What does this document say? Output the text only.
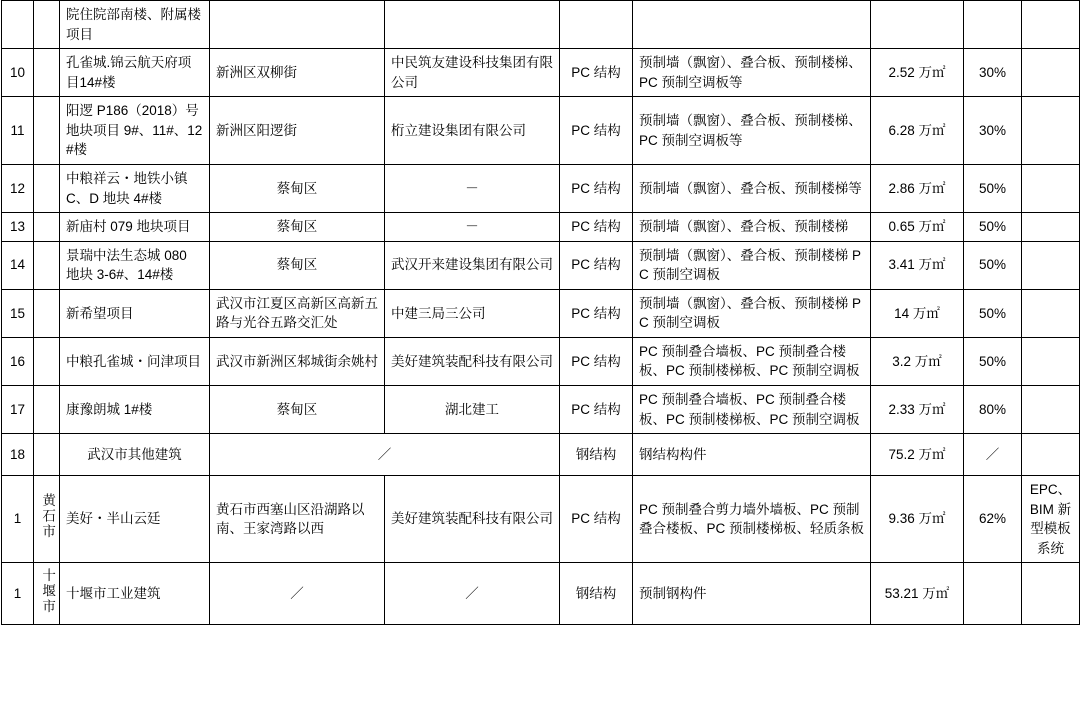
		院住院部南楼、附属楼项目							
10		孔雀城.锦云航天府项目14#楼	新洲区双柳街	中民筑友建设科技集团有限公司	PC 结构	预制墙（飘窗）、叠合板、预制楼梯、PC 预制空调板等	2.52 万㎡	30%	
11		阳逻 P186（2018）号地块项目 9#、11#、12#楼	新洲区阳逻街	桁立建设集团有限公司	PC 结构	预制墙（飘窗）、叠合板、预制楼梯、PC 预制空调板等	6.28 万㎡	30%	
12		中粮祥云・地铁小镇 C、D 地块 4#楼	蔡甸区	－	PC 结构	预制墙（飘窗）、叠合板、预制楼梯等	2.86 万㎡	50%	
13		新庙村 079 地块项目	蔡甸区	－	PC 结构	预制墙（飘窗）、叠合板、预制楼梯	0.65 万㎡	50%	
14		景瑞中法生态城 080 地块 3-6#、14#楼	蔡甸区	武汉开来建设集团有限公司	PC 结构	预制墙（飘窗）、叠合板、预制楼梯 PC 预制空调板	3.41 万㎡	50%	
15		新希望项目	武汉市江夏区高新区高新五路与光谷五路交汇处	中建三局三公司	PC 结构	预制墙（飘窗）、叠合板、预制楼梯 PC 预制空调板	14 万㎡	50%	
16		中粮孔雀城・问津项目	武汉市新洲区邾城街余姚村	美好建筑装配科技有限公司	PC 结构	PC 预制叠合墙板、PC 预制叠合楼板、PC 预制楼梯板、PC 预制空调板	3.2 万㎡	50%	
17		康豫朗城 1#楼	蔡甸区	湖北建工	PC 结构	PC 预制叠合墙板、PC 预制叠合楼板、PC 预制楼梯板、PC 预制空调板	2.33 万㎡	80%	
18		武汉市其他建筑	／		钢结构	钢结构构件	75.2 万㎡	／	
1	黄石市	美好・半山云廷	黄石市西塞山区沿湖路以南、王家湾路以西	美好建筑装配科技有限公司	PC 结构	PC 预制叠合剪力墙外墙板、PC 预制叠合楼板、PC 预制楼梯板、轻质条板	9.36 万㎡	62%	EPC、BIM 新型模板系统
1	十堰市	十堰市工业建筑	／	／	钢结构	预制钢构件	53.21 万㎡		
